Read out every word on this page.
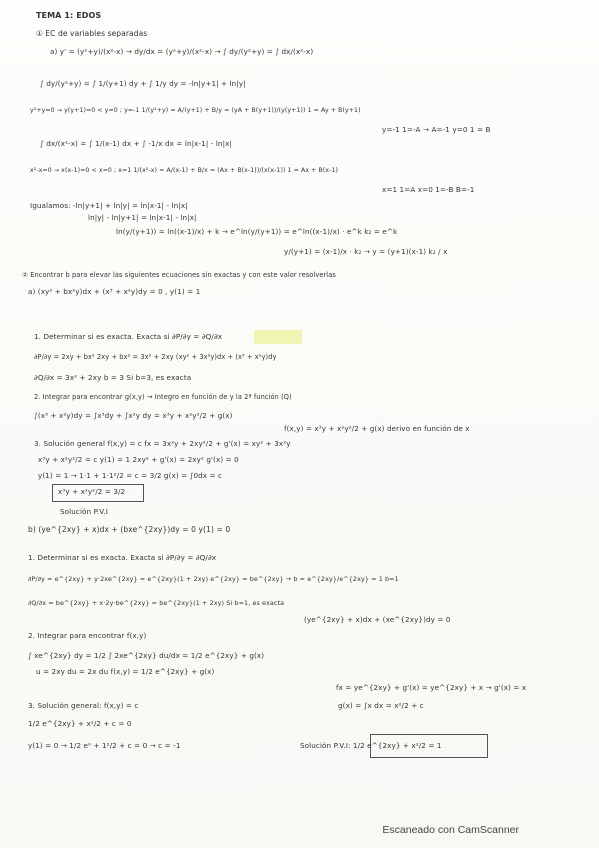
TEMA 1: EDOS
① EC de variables separadas
a) y' = (y²+y)/(x²-x) → dy/dx = (y²+y)/(x²-x) → ∫ dy/(y²+y) = ∫ dx/(x²-x)
∫ dy/(y²+y) = ∫ 1/(y+1) dy + ∫ 1/y dy = -ln|y+1| + ln|y|
y²+y=0 → y(y+1)=0 < y=0 ; y=-1 1/(y²+y) = A/(y+1) + B/y = (yA + B(y+1))/(y(y+1)) 1 = Ay + B(y+1)
y=-1 1=-A → A=-1 y=0 1 = B
∫ dx/(x²-x) = ∫ 1/(x-1) dx + ∫ -1/x dx = ln|x-1| - ln|x|
x²-x=0 → x(x-1)=0 < x=0 ; x=1 1/(x²-x) = A/(x-1) + B/x = (Ax + B(x-1))/(x(x-1)) 1 = Ax + B(x-1)
x=1 1=A x=0 1=-B B=-1
Igualamos: -ln|y+1| + ln|y| = ln|x-1| - ln|x|
ln|y| - ln|y+1| = ln|x-1| - ln|x|
ln(y/(y+1)) = ln((x-1)/x) + k → e^ln(y/(y+1)) = e^ln((x-1)/x) · e^k k₂ = e^k
y/(y+1) = (x-1)/x · k₂ → y = (y+1)(x-1) k₂ / x
② Encontrar b para elevar las siguientes ecuaciones sin exactas y con este valor resolverlas
a) (xy² + bx²y)dx + (x³ + x²y)dy = 0 , y(1) = 1
1. Determinar si es exacta. Exacta si ∂P/∂y = ∂Q/∂x
∂P/∂y = 2xy + bx² 2xy + bx² = 3x² + 2xy (xy² + 3x²y)dx + (x³ + x²y)dy
∂Q/∂x = 3x² + 2xy b = 3 Si b=3, es exacta
2. Integrar para encontrar g(x,y) → Integro en función de y la 2ª función (Q)
∫(x³ + x²y)dy = ∫x³dy + ∫x²y dy = x³y + x²y²/2 + g(x)
f(x,y) = x³y + x²y²/2 + g(x) derivo en función de x
3. Solución general f(x,y) = c fx = 3x²y + 2xy²/2 + g'(x) = xy² + 3x²y
x³y + x²y²/2 = c y(1) = 1 2xy² + g'(x) = 2xy² g'(x) = 0
y(1) = 1 → 1·1 + 1·1²/2 = c = 3/2 g(x) = ∫0dx = c
x³y + x²y²/2 = 3/2
Solución P.V.I
b) (ye^{2xy} + x)dx + (bxe^{2xy})dy = 0 y(1) = 0
1. Determinar si es exacta. Exacta si ∂P/∂y = ∂Q/∂x
∂P/∂y = e^{2xy} + y·2xe^{2xy} = e^{2xy}(1 + 2xy) e^{2xy} = be^{2xy} → b = e^{2xy}/e^{2xy} = 1 b=1
∂Q/∂x = be^{2xy} + x·2y·be^{2xy} = be^{2xy}(1 + 2xy) Si b=1, es exacta
(ye^{2xy} + x)dx + (xe^{2xy})dy = 0
2. Integrar para encontrar f(x,y)
∫ xe^{2xy} dy = 1/2 ∫ 2xe^{2xy} du/dx = 1/2 e^{2xy} + g(x)
u = 2xy du = 2x du f(x,y) = 1/2 e^{2xy} + g(x)
fx = ye^{2xy} + g'(x) = ye^{2xy} + x → g'(x) = x
g(x) = ∫x dx = x²/2 + c
3. Solución general: f(x,y) = c
1/2 e^{2xy} + x²/2 + c = 0
y(1) = 0 → 1/2 e⁰ + 1²/2 + c = 0 → c = -1	Solución P.V.I: 1/2 e^{2xy} + x²/2 = 1
Escaneado con CamScanner
